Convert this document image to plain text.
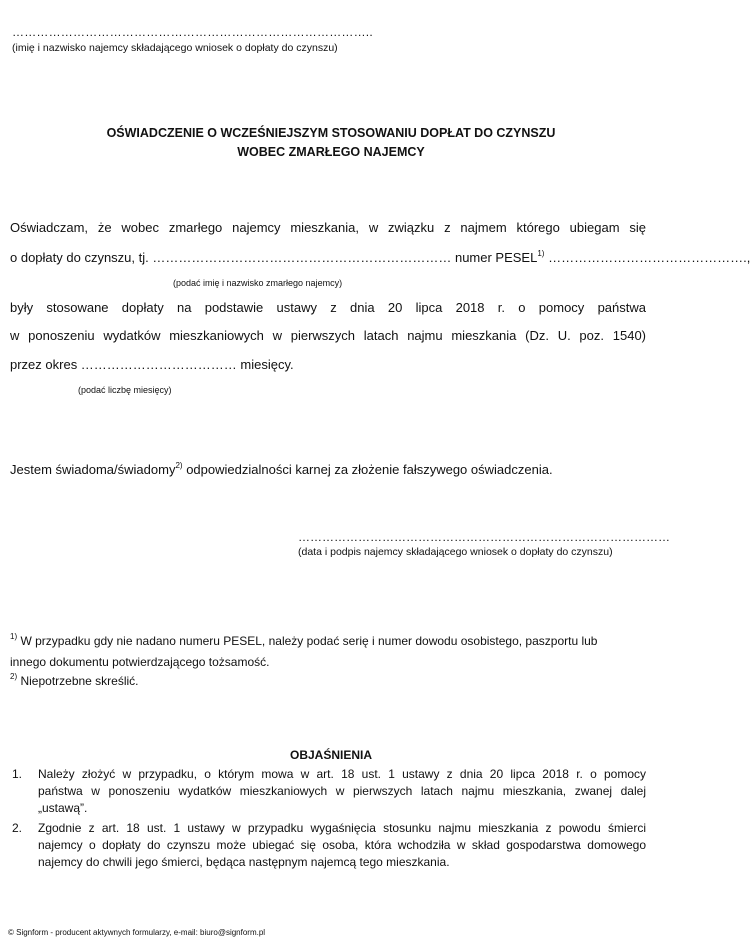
……………………………………………………………………………..
(imię i nazwisko najemcy składającego wniosek o dopłaty do czynszu)
OŚWIADCZENIE O WCZEŚNIEJSZYM STOSOWANIU DOPŁAT DO CZYNSZU
WOBEC ZMARŁEGO NAJEMCY
Oświadczam, że wobec zmarłego najemcy mieszkania, w związku z najmem którego ubiegam się
o dopłaty do czynszu, tj. …………………………………………………………… numer PESEL$^{1)}$ ……………………………………….,
(podać imię i nazwisko zmarłego najemcy)
były stosowane dopłaty na podstawie ustawy z dnia 20 lipca 2018 r. o pomocy państwa
w ponoszeniu wydatków mieszkaniowych w pierwszych latach najmu mieszkania (Dz. U. poz. 1540)
przez okres ……………………………… miesięcy.
(podać liczbę miesięcy)
Jestem świadoma/świadomy$^{2)}$ odpowiedzialności karnej za złożenie fałszywego oświadczenia.
…………………………………………………………………………………
(data i podpis najemcy składającego wniosek o dopłaty do czynszu)
$^{1)}$ W przypadku gdy nie nadano numeru PESEL, należy podać serię i numer dowodu osobistego, paszportu lub
innego dokumentu potwierdzającego tożsamość.
$^{2)}$ Niepotrzebne skreślić.
OBJAŚNIENIA
1. Należy złożyć w przypadku, o którym mowa w art. 18 ust. 1 ustawy z dnia 20 lipca 2018 r. o pomocy
państwa w ponoszeniu wydatków mieszkaniowych w pierwszych latach najmu mieszkania, zwanej dalej
„ustawą”.
2. Zgodnie z art. 18 ust. 1 ustawy w przypadku wygaśnięcia stosunku najmu mieszkania z powodu śmierci
najemcy o dopłaty do czynszu może ubiegać się osoba, która wchodziła w skład gospodarstwa domowego
najemcy do chwili jego śmierci, będąca następnym najemcą tego mieszkania.
© Signform - producent aktywnych formularzy, e-mail: biuro@signform.pl
